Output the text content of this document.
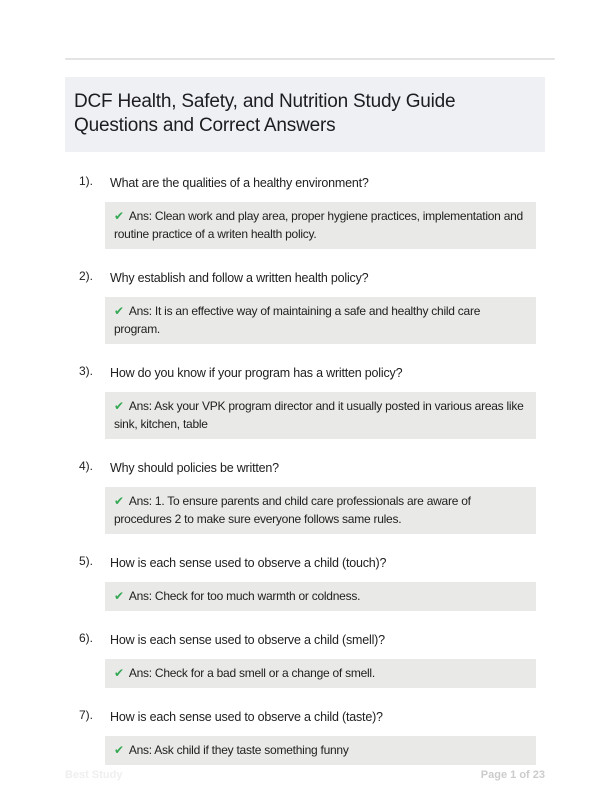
DCF Health, Safety, and Nutrition Study Guide Questions and Correct Answers
1). What are the qualities of a healthy environment?
✔ Ans: Clean work and play area, proper hygiene practices, implementation and routine practice of a writen health policy.
2). Why establish and follow a written health policy?
✔ Ans: It is an effective way of maintaining a safe and healthy child care program.
3). How do you know if your program has a written policy?
✔ Ans: Ask your VPK program director and it usually posted in various areas like sink, kitchen, table
4). Why should policies be written?
✔ Ans: 1. To ensure parents and child care professionals are aware of procedures 2 to make sure everyone follows same rules.
5). How is each sense used to observe a child (touch)?
✔ Ans: Check for too much warmth or coldness.
6). How is each sense used to observe a child (smell)?
✔ Ans: Check for a bad smell or a change of smell.
7). How is each sense used to observe a child (taste)?
✔ Ans: Ask child if they taste something funny
Best Study	Page 1 of 23
